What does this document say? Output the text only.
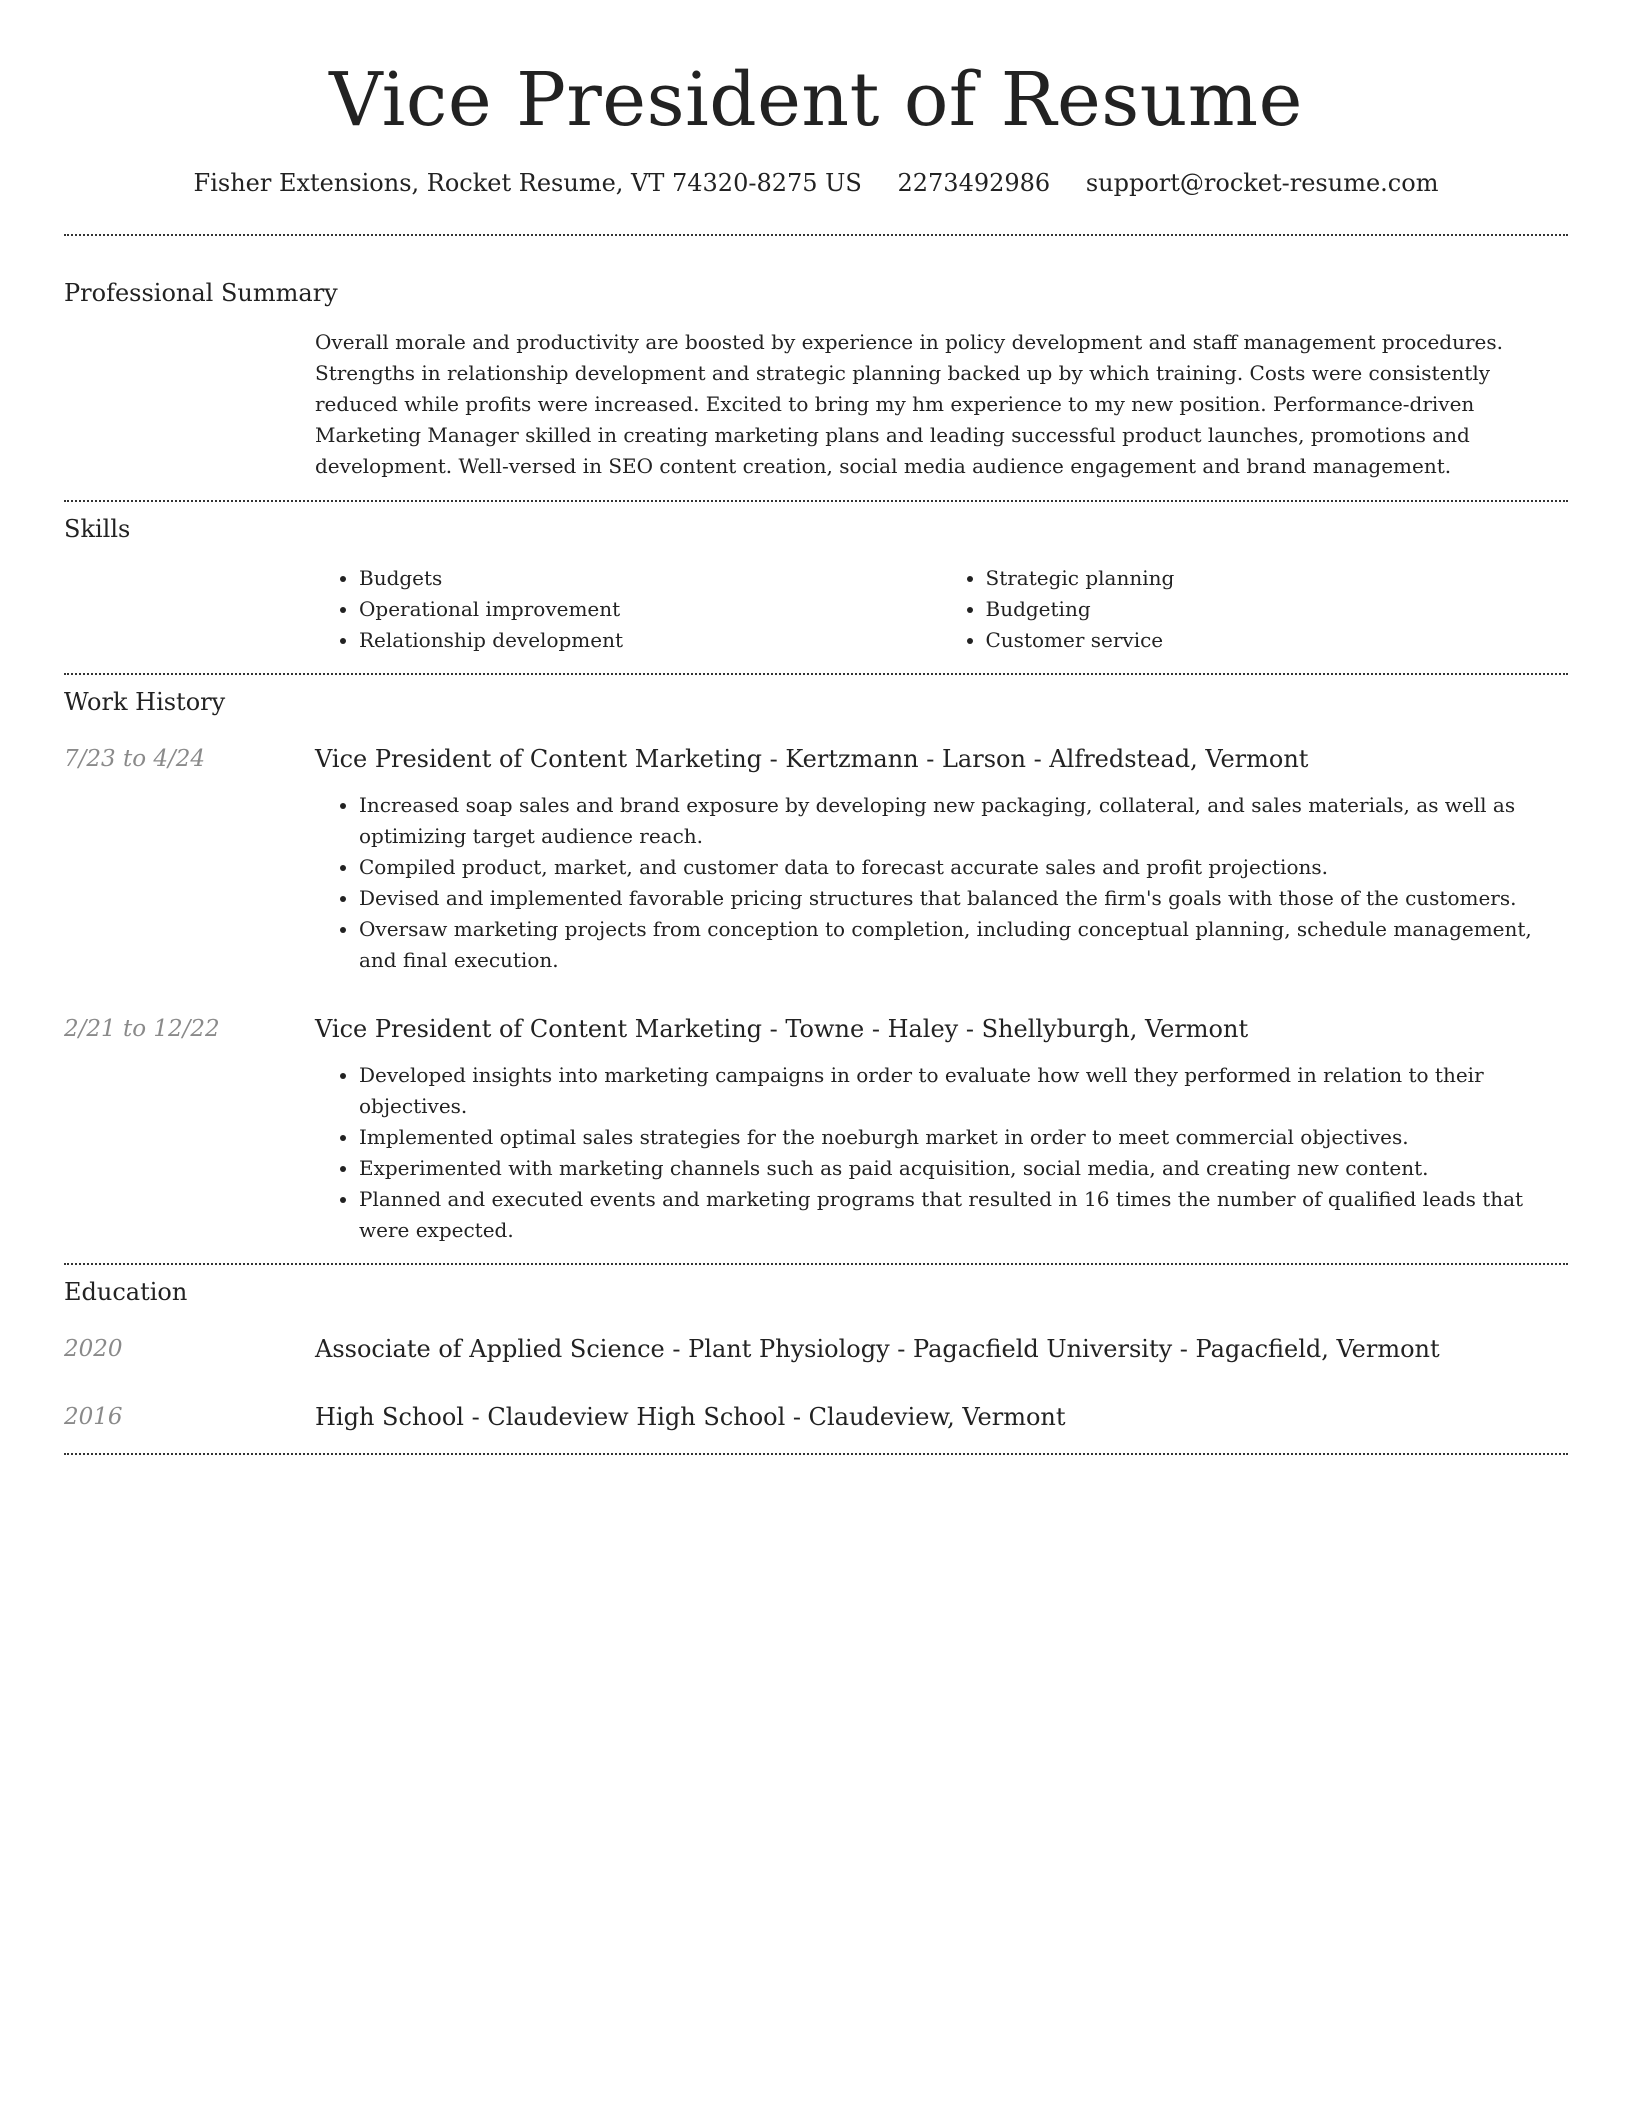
Vice President of Resume
Fisher Extensions, Rocket Resume, VT 74320-8275 US 2273492986 support@rocket-resume.com
Professional Summary

Overall morale and productivity are boosted by experience in policy development and staff management procedures. Strengths in relationship development and strategic planning backed up by which training. Costs were consistently reduced while profits were increased. Excited to bring my hm experience to my new position. Performance-driven Marketing Manager skilled in creating marketing plans and leading successful product launches, promotions and development. Well-versed in SEO content creation, social media audience engagement and brand management.

Skills
• Budgets
• Operational improvement
• Relationship development
• Strategic planning
• Budgeting
• Customer service
Work History
7/23 to 4/24	Vice President of Content Marketing - Kertzmann - Larson - Alfredstead, Vermont

• Increased soap sales and brand exposure by developing new packaging, collateral, and sales materials, as well as optimizing target audience reach.
• Compiled product, market, and customer data to forecast accurate sales and profit projections.
• Devised and implemented favorable pricing structures that balanced the firm's goals with those of the customers.
• Oversaw marketing projects from conception to completion, including conceptual planning, schedule management, and final execution.
2/21 to 12/22	Vice President of Content Marketing - Towne - Haley - Shellyburgh, Vermont

• Developed insights into marketing campaigns in order to evaluate how well they performed in relation to their objectives.
• Implemented optimal sales strategies for the noeburgh market in order to meet commercial objectives.
• Experimented with marketing channels such as paid acquisition, social media, and creating new content.
• Planned and executed events and marketing programs that resulted in 16 times the number of qualified leads that were expected.
Education
2020	Associate of Applied Science - Plant Physiology - Pagacfield University - Pagacfield, Vermont

2016	High School - Claudeview High School - Claudeview, Vermont
